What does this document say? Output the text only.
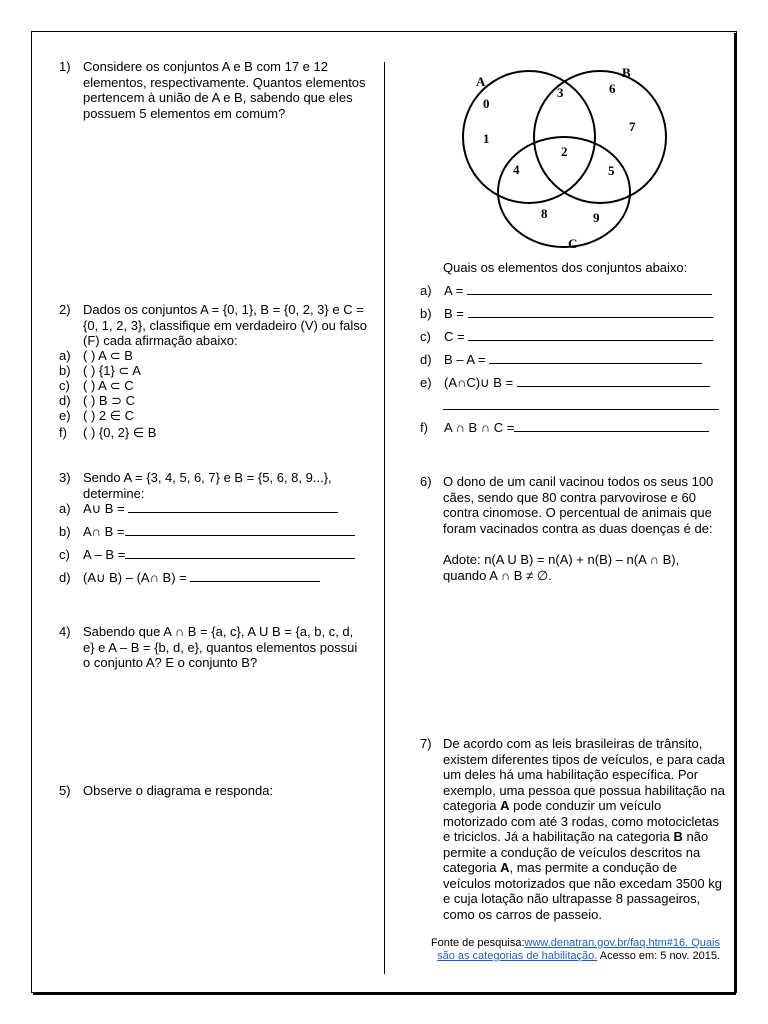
1) Considere os conjuntos A e B com 17 e 12 elementos, respectivamente. Quantos elementos pertencem à união de A e B, sabendo que eles possuem 5 elementos em comum?
2) Dados os conjuntos A = {0, 1}, B = {0, 2, 3} e C = {0, 1, 2, 3}, classifique em verdadeiro (V) ou falso (F) cada afirmação abaixo:
a) ( ) A ⊂ B
b) ( ) {1} ⊂ A
c) ( ) A ⊂ C
d) ( ) B ⊃ C
e) ( ) 2 ∈ C
f) ( ) {0, 2} ∈ B
3) Sendo A = {3, 4, 5, 6, 7} e B = {5, 6, 8, 9...}, determine:
a) A∪ B =
b) A∩ B =
c) A – B =
d) (A∪ B) – (A∩ B) =
4) Sabendo que A ∩ B = {a, c}, A U B = {a, b, c, d, e} e A – B = {b, d, e}, quantos elementos possui o conjunto A? E o conjunto B?
5) Observe o diagrama e responda:
A
B
C
0
1
3	6
7
2
4	5
8	9
Quais os elementos dos conjuntos abaixo:
a) A =
b) B =
c) C =
d) B – A =
e) (A∩C)∪ B =
f) A ∩ B ∩ C =
6) O dono de um canil vacinou todos os seus 100 cães, sendo que 80 contra parvovirose e 60 contra cinomose. O percentual de animais que foram vacinados contra as duas doenças é de:
Adote: n(A U B) = n(A) + n(B) – n(A ∩ B), quando A ∩ B ≠ ∅.
7) De acordo com as leis brasileiras de trânsito, existem diferentes tipos de veículos, e para cada um deles há uma habilitação específica. Por exemplo, uma pessoa que possua habilitação na categoria A pode conduzir um veículo motorizado com até 3 rodas, como motocicletas e triciclos. Já a habilitação na categoria B não permite a condução de veículos descritos na categoria A, mas permite a condução de veículos motorizados que não excedam 3500 kg e cuja lotação não ultrapasse 8 passageiros, como os carros de passeio.
Fonte de pesquisa:www.denatran.gov.br/faq.htm#16. Quais são as categorias de habilitação. Acesso em: 5 nov. 2015.
